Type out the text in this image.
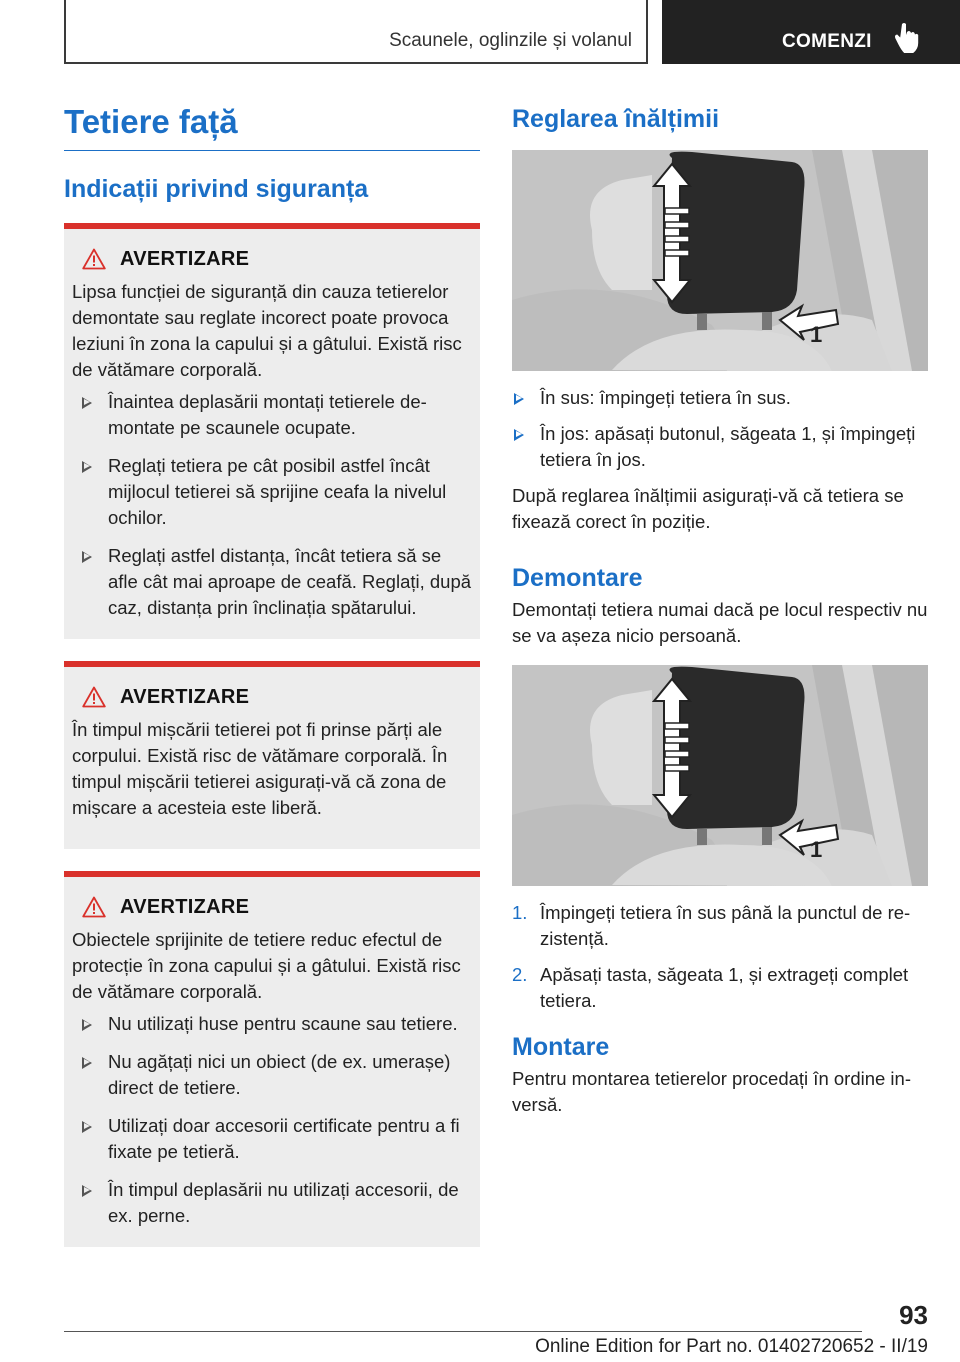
Scaunele, oglinzile și volanul	COMENZI
Tetiere față
Indicații privind siguranța
AVERTIZARE

Lipsa funcției de siguranță din cauza tetierelor demontate sau reglate incorect poate provoca leziuni în zona la capului și a gâtului. Există risc de vătămare corporală.

Înaintea deplasării montați tetierele de-montate pe scaunele ocupate.
Reglați tetiera pe cât posibil astfel încât mijlocul tetierei să sprijine ceafa la nivelul ochilor.
Reglați astfel distanța, încât tetiera să se afle cât mai aproape de ceafă. Reglați, după caz, distanța prin înclinația spătarului.
AVERTIZARE

În timpul mișcării tetierei pot fi prinse părți ale corpului. Există risc de vătămare corporală. În timpul mișcării tetierei asigurați-vă că zona de mișcare a acesteia este liberă.

AVERTIZARE

Obiectele sprijinite de tetiere reduc efectul de protecție în zona capului și a gâtului. Există risc de vătămare corporală.

Nu utilizați huse pentru scaune sau tetiere.
Nu agățați nici un obiect (de ex. umerașe) direct de tetiere.
Utilizați doar accesorii certificate pentru a fi fixate pe tetieră.
În timpul deplasării nu utilizați accesorii, de ex. perne.
Reglarea înălțimii
1
În sus: împingeți tetiera în sus.
În jos: apăsați butonul, săgeata 1, și împingeți tetiera în jos.

După reglarea înălțimii asigurați-vă că tetiera se fixează corect în poziție.

Demontare

Demontați tetiera numai dacă pe locul respectiv nu se va așeza nicio persoană.

1
1. Împingeți tetiera în sus până la punctul de re-zistență.
2. Apăsați tasta, săgeata 1, și extrageți complet tetiera.
Montare

Pentru montarea tetierelor procedați în ordine in-versă.

93
Online Edition for Part no. 01402720652 - II/19
